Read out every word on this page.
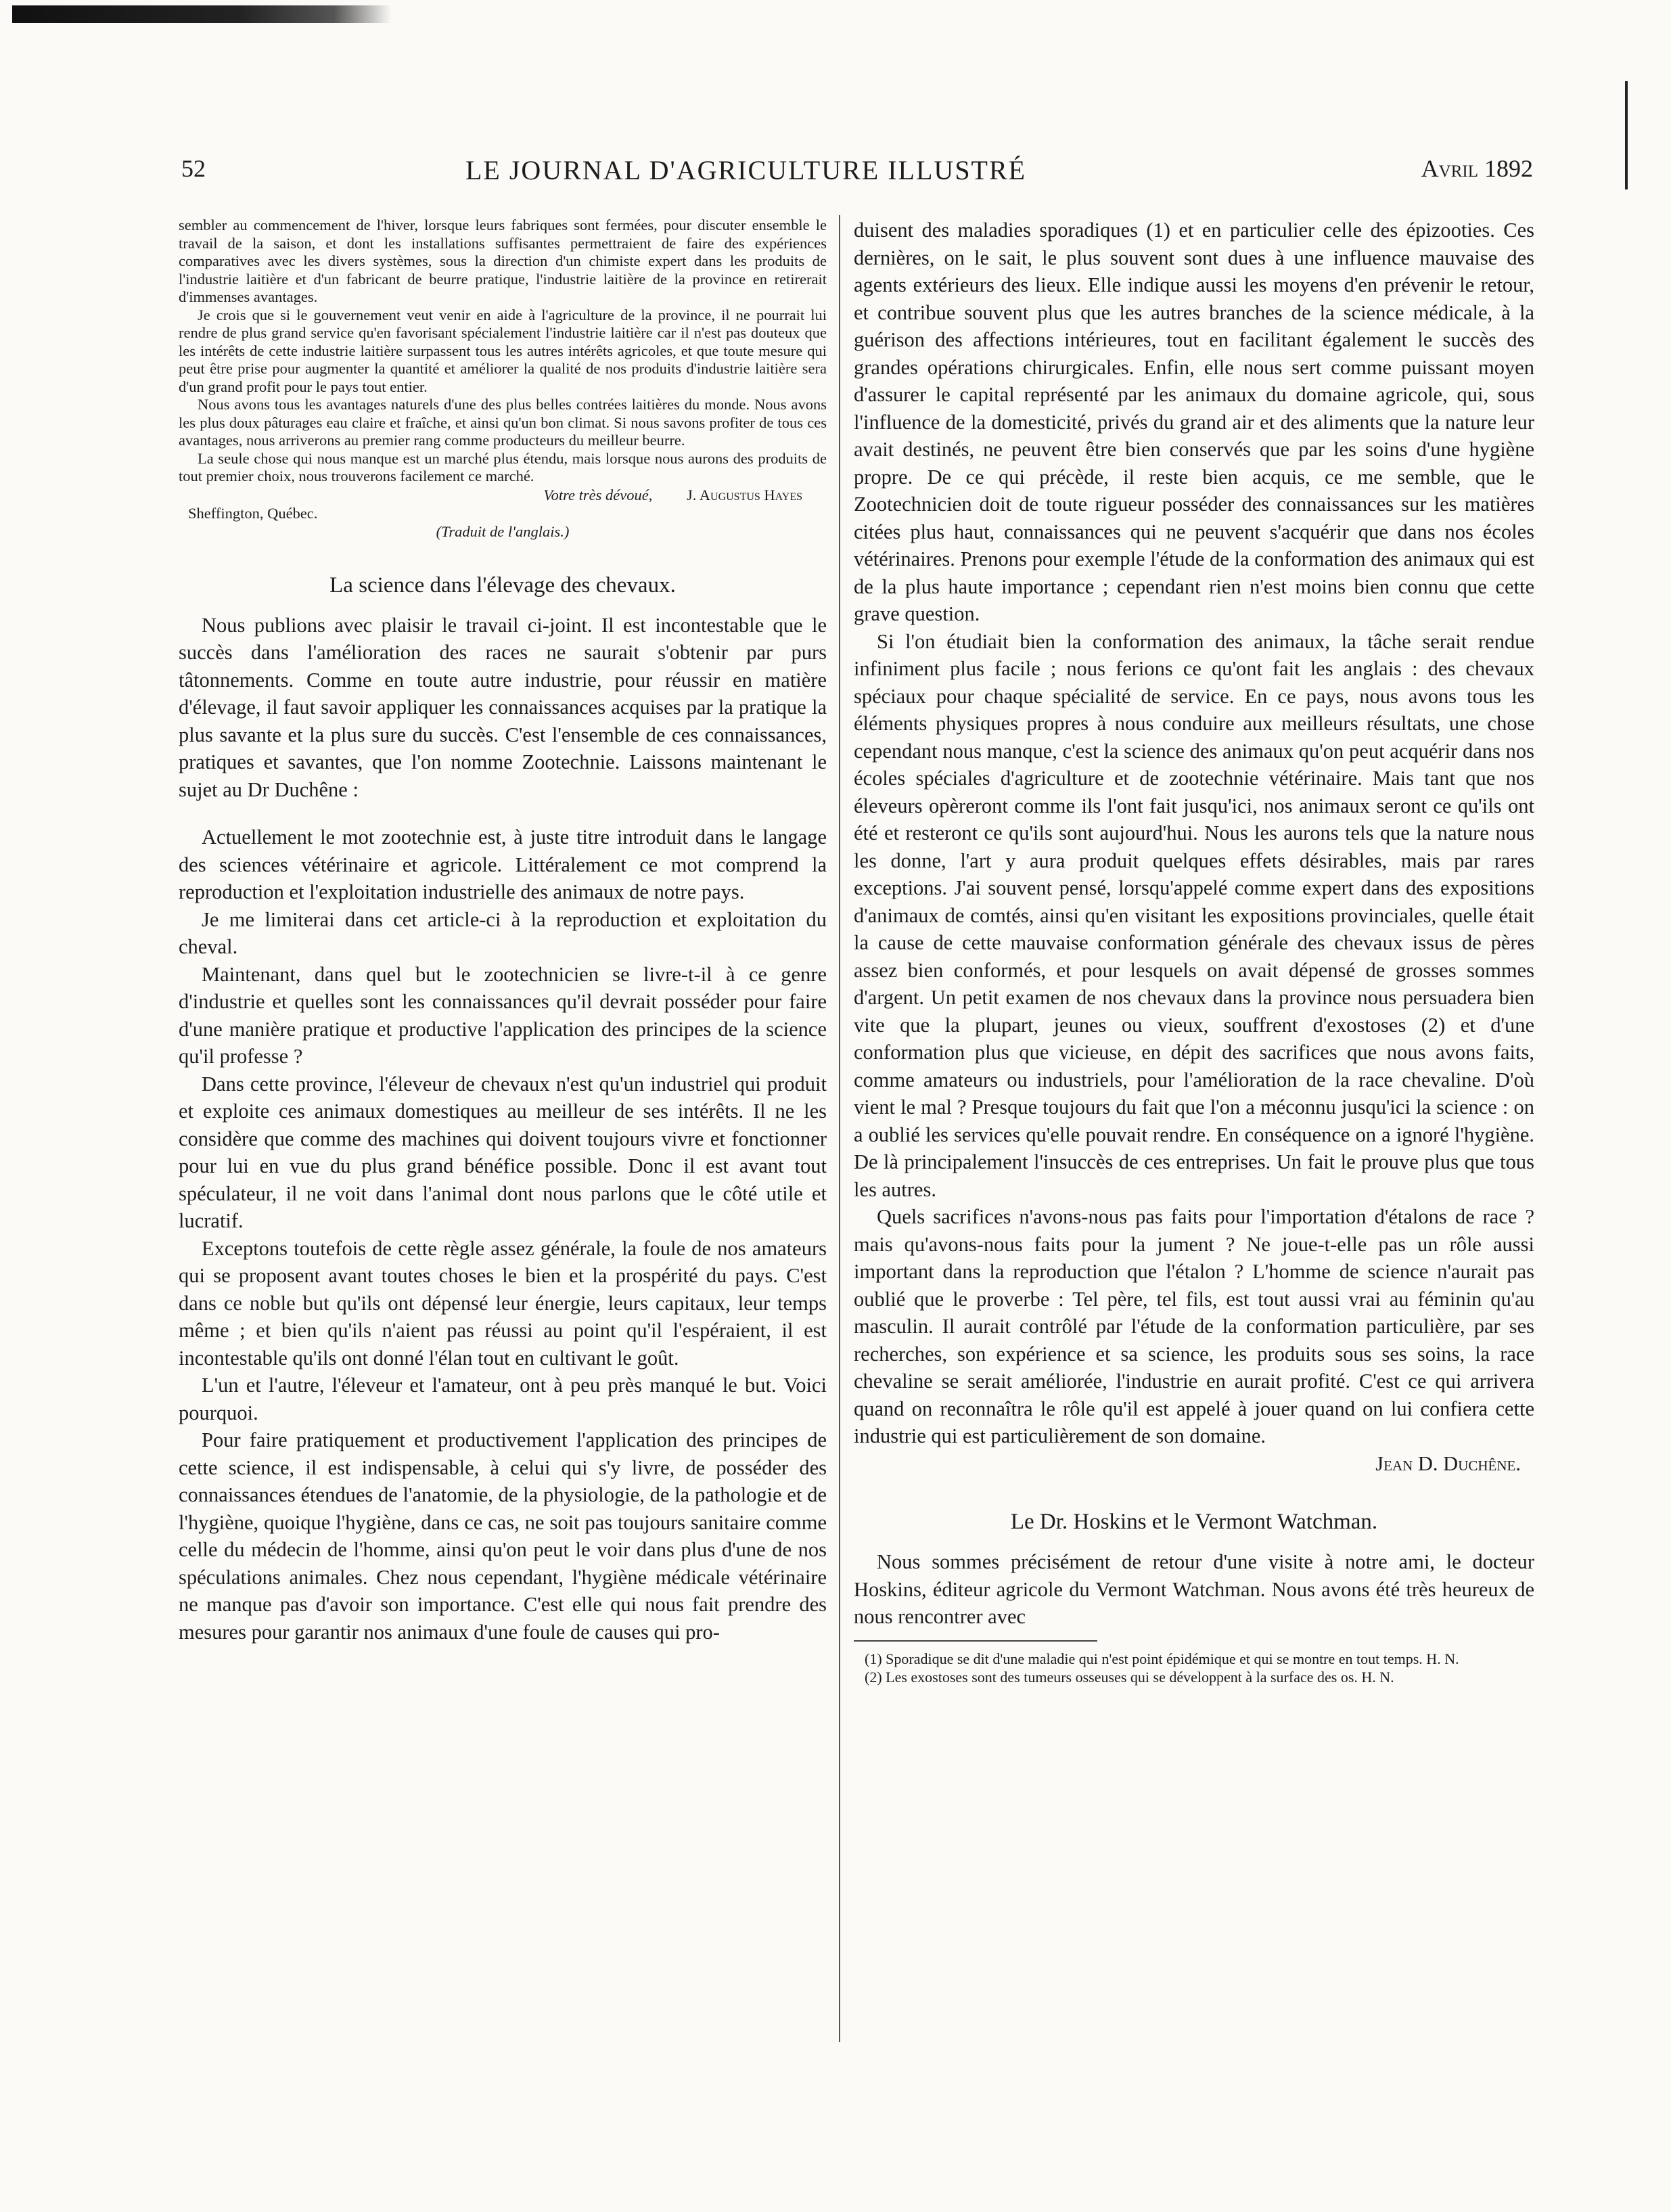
52	LE JOURNAL D'AGRICULTURE ILLUSTRÉ	Avril 1892

sembler au commencement de l'hiver, lorsque leurs fabriques sont fermées, pour discuter ensemble le travail de la saison, et dont les installations suffisantes permettraient de faire des expériences comparatives avec les divers systèmes, sous la direction d'un chimiste expert dans les produits de l'industrie laitière et d'un fabricant de beurre pratique, l'industrie laitière de la province en retirerait d'immenses avantages.

Je crois que si le gouvernement veut venir en aide à l'agriculture de la province, il ne pourrait lui rendre de plus grand service qu'en favorisant spécialement l'industrie laitière car il n'est pas douteux que les intérêts de cette industrie laitière surpassent tous les autres intérêts agricoles, et que toute mesure qui peut être prise pour augmenter la quantité et améliorer la qualité de nos produits d'industrie laitière sera d'un grand profit pour le pays tout entier.

Nous avons tous les avantages naturels d'une des plus belles contrées laitières du monde. Nous avons les plus doux pâturages eau claire et fraîche, et ainsi qu'un bon climat. Si nous savons profiter de tous ces avantages, nous arriverons au premier rang comme producteurs du meilleur beurre.

La seule chose qui nous manque est un marché plus étendu, mais lorsque nous aurons des produits de tout premier choix, nous trouverons facilement ce marché.

Votre très dévoué, J. Augustus Hayes

Sheffington, Québec.

(Traduit de l'anglais.)

La science dans l'élevage des chevaux.

Nous publions avec plaisir le travail ci-joint. Il est incontestable que le succès dans l'amélioration des races ne saurait s'obtenir par purs tâtonnements. Comme en toute autre industrie, pour réussir en matière d'élevage, il faut savoir appliquer les connaissances acquises par la pratique la plus savante et la plus sure du succès. C'est l'ensemble de ces connaissances, pratiques et savantes, que l'on nomme Zootechnie. Laissons maintenant le sujet au Dr Duchêne :

Actuellement le mot zootechnie est, à juste titre introduit dans le langage des sciences vétérinaire et agricole. Littéralement ce mot comprend la reproduction et l'exploitation industrielle des animaux de notre pays.

Je me limiterai dans cet article-ci à la reproduction et exploitation du cheval.

Maintenant, dans quel but le zootechnicien se livre-t-il à ce genre d'industrie et quelles sont les connaissances qu'il devrait posséder pour faire d'une manière pratique et productive l'application des principes de la science qu'il professe ?

Dans cette province, l'éleveur de chevaux n'est qu'un industriel qui produit et exploite ces animaux domestiques au meilleur de ses intérêts. Il ne les considère que comme des machines qui doivent toujours vivre et fonctionner pour lui en vue du plus grand bénéfice possible. Donc il est avant tout spéculateur, il ne voit dans l'animal dont nous parlons que le côté utile et lucratif.

Exceptons toutefois de cette règle assez générale, la foule de nos amateurs qui se proposent avant toutes choses le bien et la prospérité du pays. C'est dans ce noble but qu'ils ont dépensé leur énergie, leurs capitaux, leur temps même ; et bien qu'ils n'aient pas réussi au point qu'il l'espéraient, il est incontestable qu'ils ont donné l'élan tout en cultivant le goût.

L'un et l'autre, l'éleveur et l'amateur, ont à peu près manqué le but. Voici pourquoi.

Pour faire pratiquement et productivement l'application des principes de cette science, il est indispensable, à celui qui s'y livre, de posséder des connaissances étendues de l'anatomie, de la physiologie, de la pathologie et de l'hygiène, quoique l'hygiène, dans ce cas, ne soit pas toujours sanitaire comme celle du médecin de l'homme, ainsi qu'on peut le voir dans plus d'une de nos spéculations animales. Chez nous cependant, l'hygiène médicale vétérinaire ne manque pas d'avoir son importance. C'est elle qui nous fait prendre des mesures pour garantir nos animaux d'une foule de causes qui pro-

duisent des maladies sporadiques (1) et en particulier celle des épizooties. Ces dernières, on le sait, le plus souvent sont dues à une influence mauvaise des agents extérieurs des lieux. Elle indique aussi les moyens d'en prévenir le retour, et contribue souvent plus que les autres branches de la science médicale, à la guérison des affections intérieures, tout en facilitant également le succès des grandes opérations chirurgicales. Enfin, elle nous sert comme puissant moyen d'assurer le capital représenté par les animaux du domaine agricole, qui, sous l'influence de la domesticité, privés du grand air et des aliments que la nature leur avait destinés, ne peuvent être bien conservés que par les soins d'une hygiène propre. De ce qui précède, il reste bien acquis, ce me semble, que le Zootechnicien doit de toute rigueur posséder des connaissances sur les matières citées plus haut, connaissances qui ne peuvent s'acquérir que dans nos écoles vétérinaires. Prenons pour exemple l'étude de la conformation des animaux qui est de la plus haute importance ; cependant rien n'est moins bien connu que cette grave question.

Si l'on étudiait bien la conformation des animaux, la tâche serait rendue infiniment plus facile ; nous ferions ce qu'ont fait les anglais : des chevaux spéciaux pour chaque spécialité de service. En ce pays, nous avons tous les éléments physiques propres à nous conduire aux meilleurs résultats, une chose cependant nous manque, c'est la science des animaux qu'on peut acquérir dans nos écoles spéciales d'agriculture et de zootechnie vétérinaire. Mais tant que nos éleveurs opèreront comme ils l'ont fait jusqu'ici, nos animaux seront ce qu'ils ont été et resteront ce qu'ils sont aujourd'hui. Nous les aurons tels que la nature nous les donne, l'art y aura produit quelques effets désirables, mais par rares exceptions. J'ai souvent pensé, lorsqu'appelé comme expert dans des expositions d'animaux de comtés, ainsi qu'en visitant les expositions provinciales, quelle était la cause de cette mauvaise conformation générale des chevaux issus de pères assez bien conformés, et pour lesquels on avait dépensé de grosses sommes d'argent. Un petit examen de nos chevaux dans la province nous persuadera bien vite que la plupart, jeunes ou vieux, souffrent d'exostoses (2) et d'une conformation plus que vicieuse, en dépit des sacrifices que nous avons faits, comme amateurs ou industriels, pour l'amélioration de la race chevaline. D'où vient le mal ? Presque toujours du fait que l'on a méconnu jusqu'ici la science : on a oublié les services qu'elle pouvait rendre. En conséquence on a ignoré l'hygiène. De là principalement l'insuccès de ces entreprises. Un fait le prouve plus que tous les autres.

Quels sacrifices n'avons-nous pas faits pour l'importation d'étalons de race ? mais qu'avons-nous faits pour la jument ? Ne joue-t-elle pas un rôle aussi important dans la reproduction que l'étalon ? L'homme de science n'aurait pas oublié que le proverbe : Tel père, tel fils, est tout aussi vrai au féminin qu'au masculin. Il aurait contrôlé par l'étude de la conformation particulière, par ses recherches, son expérience et sa science, les produits sous ses soins, la race chevaline se serait améliorée, l'industrie en aurait profité. C'est ce qui arrivera quand on reconnaîtra le rôle qu'il est appelé à jouer quand on lui confiera cette industrie qui est particulièrement de son domaine.

Jean D. Duchêne.

Le Dr. Hoskins et le Vermont Watchman.

Nous sommes précisément de retour d'une visite à notre ami, le docteur Hoskins, éditeur agricole du Vermont Watchman. Nous avons été très heureux de nous rencontrer avec

(1) Sporadique se dit d'une maladie qui n'est point épidémique et qui se montre en tout temps. H. N.

(2) Les exostoses sont des tumeurs osseuses qui se développent à la surface des os. H. N.
